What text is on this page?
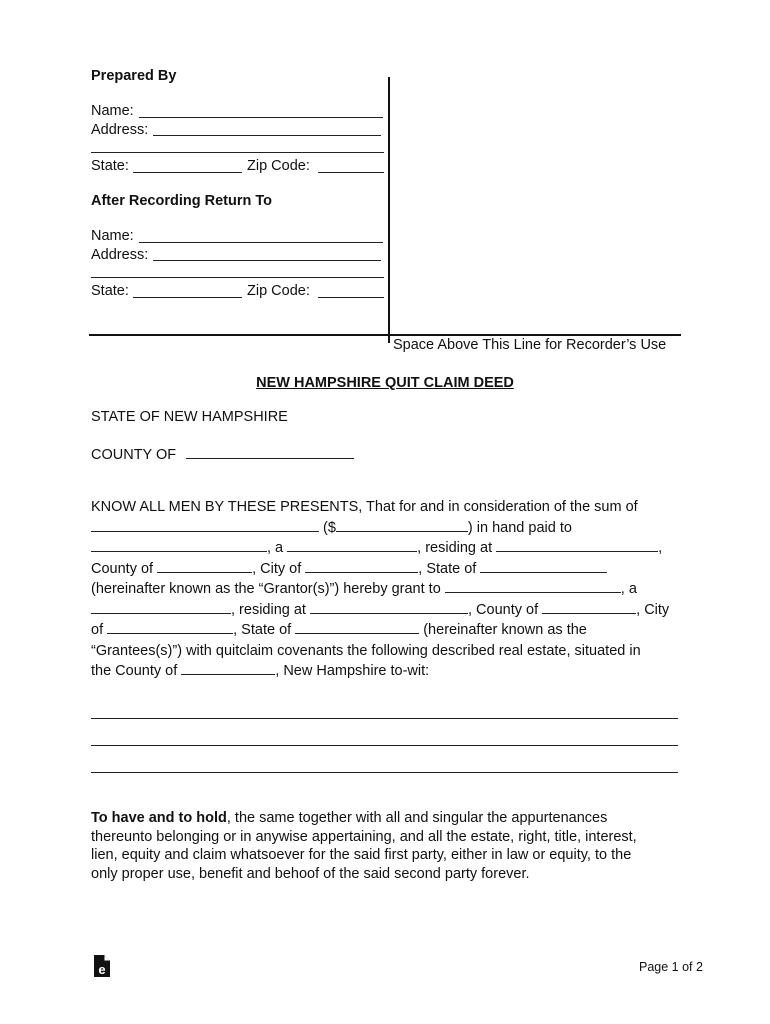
Prepared By
Name:
Address:
State:	Zip Code:
After Recording Return To
Name:
Address:
State:	Zip Code:
Space Above This Line for Recorder’s Use
NEW HAMPSHIRE QUIT CLAIM DEED
STATE OF NEW HAMPSHIRE
COUNTY OF
KNOW ALL MEN BY THESE PRESENTS, That for and in consideration of the sum of
($	) in hand paid to
, a	, residing at	,
County of	, City of	, State of
(hereinafter known as the “Grantor(s)”) hereby grant to	, a
, residing at	, County of	, City
of	, State of	(hereinafter known as the
“Grantees(s)”) with quitclaim covenants the following described real estate, situated in
the County of	, New Hampshire to-wit:
To have and to hold, the same together with all and singular the appurtenances
thereunto belonging or in anywise appertaining, and all the estate, right, title, interest,
lien, equity and claim whatsoever for the said first party, either in law or equity, to the
only proper use, benefit and behoof of the said second party forever.
e	Page 1 of 2
